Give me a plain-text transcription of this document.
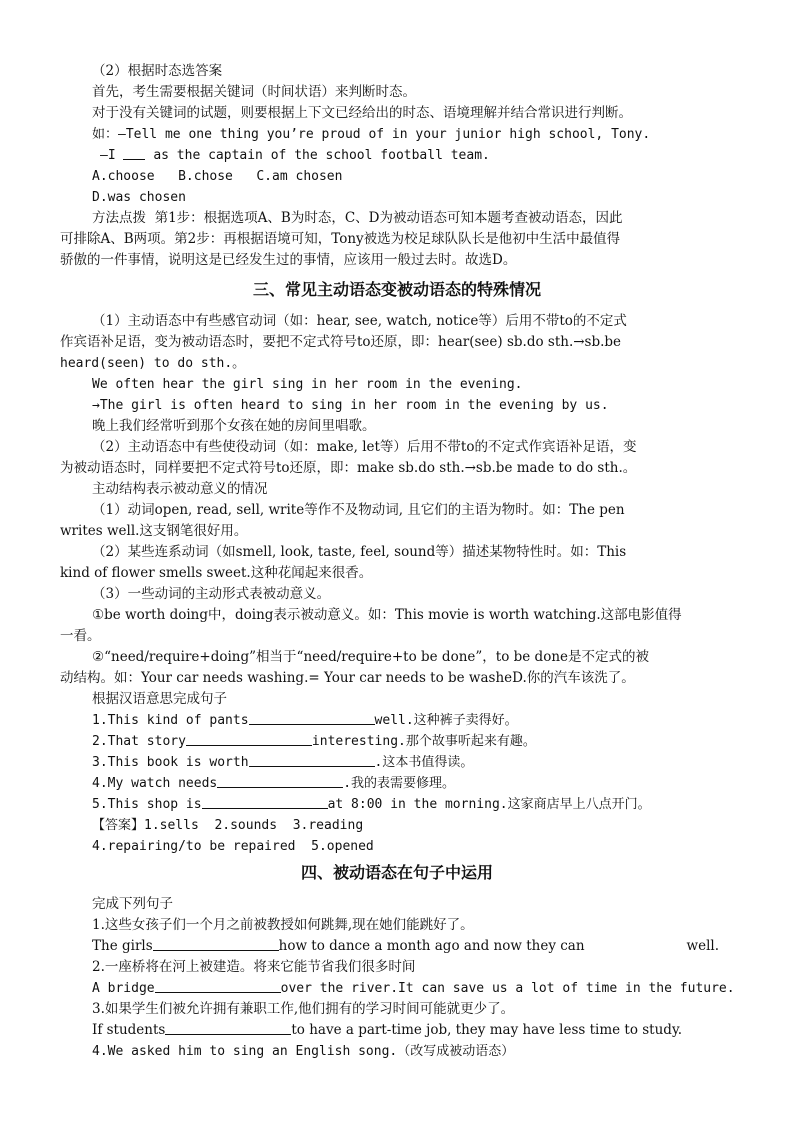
（2）根据时态选答案
首先，考生需要根据关键词（时间状语）来判断时态。
对于没有关键词的试题，则要根据上下文已经给出的时态、语境理解并结合常识进行判断。
如：—Tell me one thing you’re proud of in your junior high school, Tony.
—I	as the captain of the school football team.
A.choose   B.chose   C.am chosen
D.was chosen
方法点拨  第1步：根据选项A、B为时态，C、D为被动语态可知本题考查被动语态，因此
可排除A、B两项。第2步：再根据语境可知，Tony被选为校足球队队长是他初中生活中最值得
骄傲的一件事情，说明这是已经发生过的事情，应该用一般过去时。故选D。
三、常见主动语态变被动语态的特殊情况
（1）主动语态中有些感官动词（如：hear, see, watch, notice等）后用不带to的不定式
作宾语补足语，变为被动语态时，要把不定式符号to还原，即：hear(see) sb.do sth.→sb.be
heard(seen) to do sth.。
We often hear the girl sing in her room in the evening.
→The girl is often heard to sing in her room in the evening by us.
晚上我们经常听到那个女孩在她的房间里唱歌。
（2）主动语态中有些使役动词（如：make, let等）后用不带to的不定式作宾语补足语，变
为被动语态时，同样要把不定式符号to还原，即：make sb.do sth.→sb.be made to do sth.。
主动结构表示被动意义的情况
（1）动词open, read, sell, write等作不及物动词, 且它们的主语为物时。如：The pen
writes well.这支钢笔很好用。
（2）某些连系动词（如smell, look, taste, feel, sound等）描述某物特性时。如：This
kind of flower smells sweet.这种花闻起来很香。
（3）一些动词的主动形式表被动意义。
①be worth doing中，doing表示被动意义。如：This movie is worth watching.这部电影值得
一看。
②“need/require+doing”相当于“need/require+to be done”，to be done是不定式的被
动结构。如：Your car needs washing.= Your car needs to be washeD.你的汽车该洗了。
根据汉语意思完成句子
1.This kind of pants	well.这种裤子卖得好。
2.That story	interesting.那个故事听起来有趣。
3.This book is worth	.这本书值得读。
4.My watch needs	.我的表需要修理。
5.This shop is	at 8:00 in the morning.这家商店早上八点开门。
【答案】1.sells  2.sounds  3.reading
4.repairing/to be repaired  5.opened
四、被动语态在句子中运用
完成下列句子
1.这些女孩子们一个月之前被教授如何跳舞,现在她们能跳好了。
The girls	how to dance a month ago and now they can	well.
2.一座桥将在河上被建造。将来它能节省我们很多时间
A bridge	over the river.It can save us a lot of time in the future.
3.如果学生们被允许拥有兼职工作,他们拥有的学习时间可能就更少了。
If students	to have a part-time job, they may have less time to study.
4.We asked him to sing an English song.（改写成被动语态）
